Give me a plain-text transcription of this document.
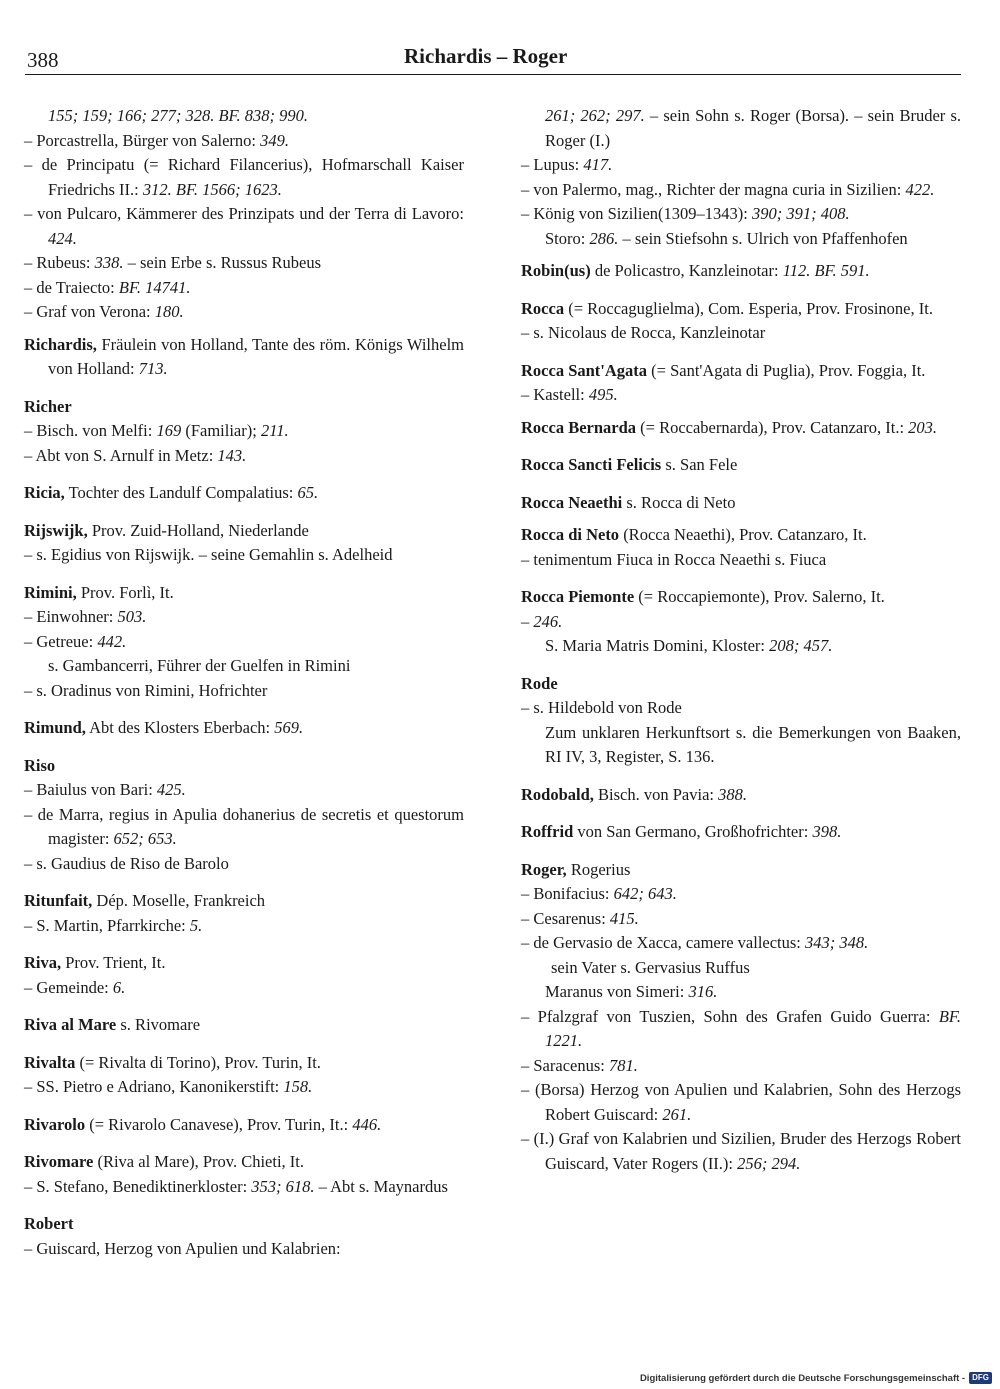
388	Richardis – Roger
155; 159; 166; 277; 328. BF. 838; 990.
– Porcastrella, Bürger von Salerno: 349.
– de Principatu (= Richard Filancerius), Hofmarschall Kaiser Friedrichs II.: 312. BF. 1566; 1623.
– von Pulcaro, Kämmerer des Prinzipats und der Terra di Lavoro: 424.
– Rubeus: 338. – sein Erbe s. Russus Rubeus
– de Traiecto: BF. 14741.
– Graf von Verona: 180.
Richardis, Fräulein von Holland, Tante des röm. Königs Wilhelm von Holland: 713.
Richer
– Bisch. von Melfi: 169 (Familiar); 211.
– Abt von S. Arnulf in Metz: 143.
Ricia, Tochter des Landulf Compalatius: 65.
Rijswijk, Prov. Zuid-Holland, Niederlande
– s. Egidius von Rijswijk. – seine Gemahlin s. Adelheid
Rimini, Prov. Forlì, It.
– Einwohner: 503.
– Getreue: 442.
s. Gambancerri, Führer der Guelfen in Rimini
– s. Oradinus von Rimini, Hofrichter
Rimund, Abt des Klosters Eberbach: 569.
Riso
– Baiulus von Bari: 425.
– de Marra, regius in Apulia dohanerius de secretis et questorum magister: 652; 653.
– s. Gaudius de Riso de Barolo
Ritunfait, Dép. Moselle, Frankreich
– S. Martin, Pfarrkirche: 5.
Riva, Prov. Trient, It.
– Gemeinde: 6.
Riva al Mare s. Rivomare
Rivalta (= Rivalta di Torino), Prov. Turin, It.
– SS. Pietro e Adriano, Kanonikerstift: 158.
Rivarolo (= Rivarolo Canavese), Prov. Turin, It.: 446.
Rivomare (Riva al Mare), Prov. Chieti, It.
– S. Stefano, Benediktinerkloster: 353; 618. – Abt s. Maynardus
Robert
– Guiscard, Herzog von Apulien und Kalabrien:
261; 262; 297. – sein Sohn s. Roger (Borsa). – sein Bruder s. Roger (I.)
– Lupus: 417.
– von Palermo, mag., Richter der magna curia in Sizilien: 422.
– König von Sizilien(1309–1343): 390; 391; 408.
Storo: 286. – sein Stiefsohn s. Ulrich von Pfaffenhofen
Robin(us) de Policastro, Kanzleinotar: 112. BF. 591.
Rocca (= Roccaguglielma), Com. Esperia, Prov. Frosinone, It.
– s. Nicolaus de Rocca, Kanzleinotar
Rocca Sant'Agata (= Sant'Agata di Puglia), Prov. Foggia, It.
– Kastell: 495.
Rocca Bernarda (= Roccabernarda), Prov. Catanzaro, It.: 203.
Rocca Sancti Felicis s. San Fele
Rocca Neaethi s. Rocca di Neto
Rocca di Neto (Rocca Neaethi), Prov. Catanzaro, It.
– tenimentum Fiuca in Rocca Neaethi s. Fiuca
Rocca Piemonte (= Roccapiemonte), Prov. Salerno, It.
– 246.
S. Maria Matris Domini, Kloster: 208; 457.
Rode
– s. Hildebold von Rode
Zum unklaren Herkunftsort s. die Bemerkungen von Baaken, RI IV, 3, Register, S. 136.
Rodobald, Bisch. von Pavia: 388.
Roffrid von San Germano, Großhofrichter: 398.
Roger, Rogerius
– Bonifacius: 642; 643.
– Cesarenus: 415.
– de Gervasio de Xacca, camere vallectus: 343; 348.
sein Vater s. Gervasius Ruffus
Maranus von Simeri: 316.
– Pfalzgraf von Tuszien, Sohn des Grafen Guido Guerra: BF. 1221.
– Saracenus: 781.
– (Borsa) Herzog von Apulien und Kalabrien, Sohn des Herzogs Robert Guiscard: 261.
– (I.) Graf von Kalabrien und Sizilien, Bruder des Herzogs Robert Guiscard, Vater Rogers (II.): 256; 294.
Digitalisierung gefördert durch die Deutsche Forschungsgemeinschaft - DFG
